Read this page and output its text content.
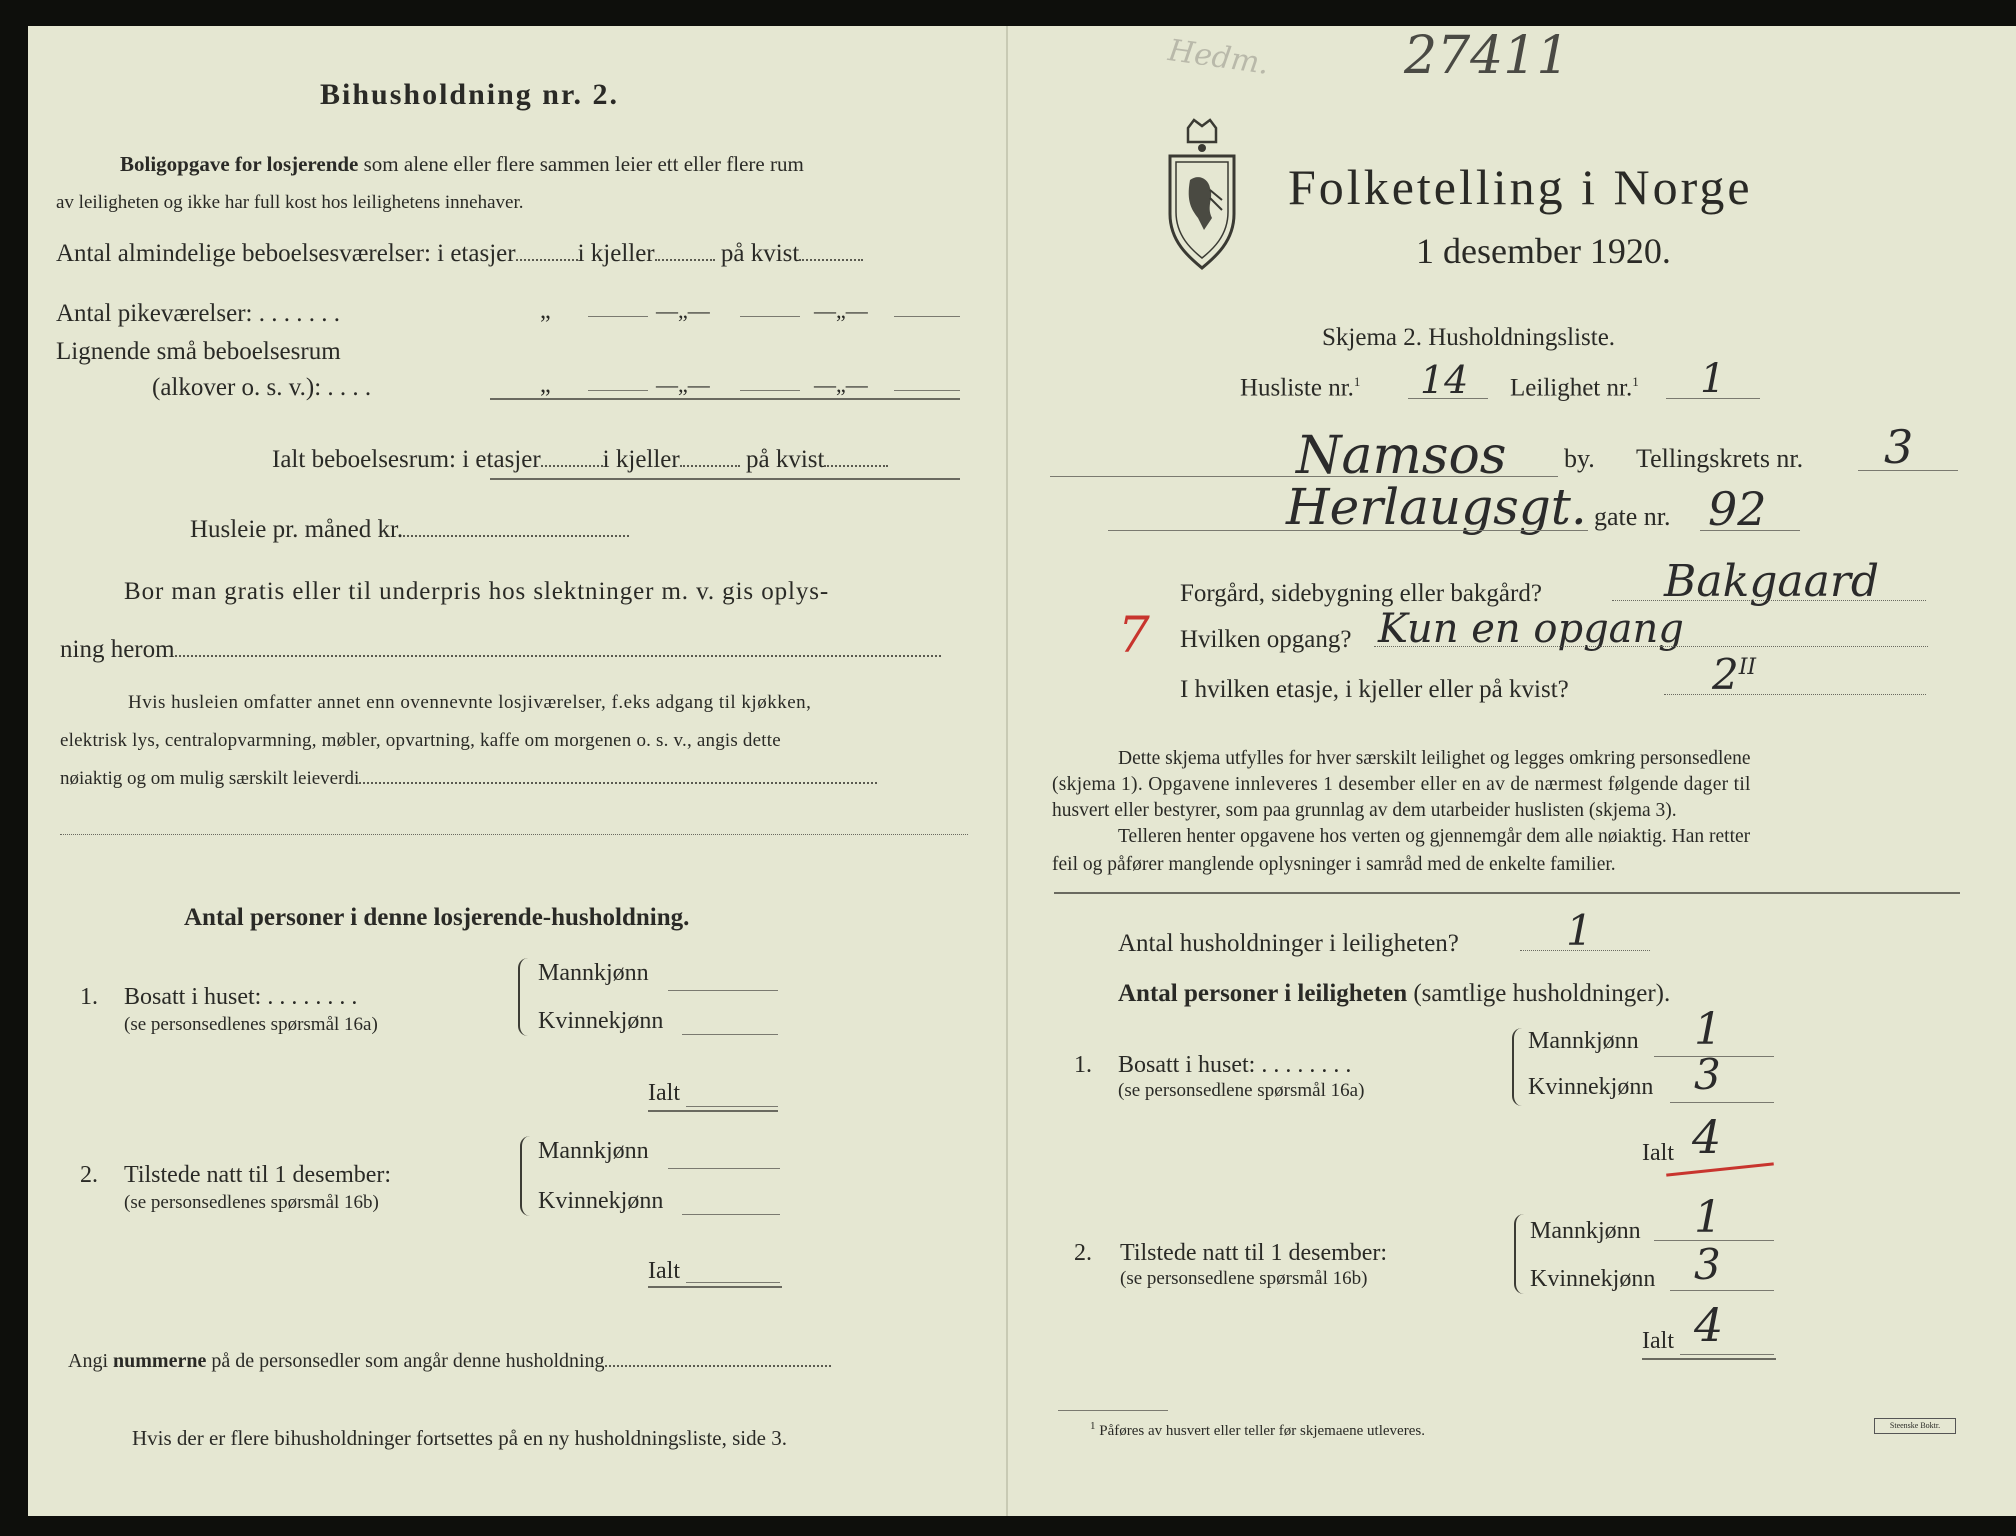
Bihusholdning nr. 2.
Boligopgave for losjerende som alene eller flere sammen leier ett eller flere rum
av leiligheten og ikke har full kost hos leilighetens innehaver.
Antal almindelige beboelsesværelser: i etasjer i kjeller	på kvist
Antal pikeværelser: . . . . . . .	„	—„—	—„—
Lignende små beboelsesrum
(alkover o. s. v.): . . . .	„	—„—	—„—
Ialt beboelsesrum: i etasjer i kjeller	på kvist
Husleie pr. måned kr.
Bor man gratis eller til underpris hos slektninger m. v. gis oplys-
ning herom
Hvis husleien omfatter annet enn ovennevnte losjiværelser, f.eks adgang til kjøkken,
elektrisk lys, centralopvarmning, møbler, opvartning, kaffe om morgenen o. s. v., angis dette
nøiaktig og om mulig særskilt leieverdi
Antal personer i denne losjerende-husholdning.
1. Bosatt i huset: . . . . . . . .
(se personsedlenes spørsmål 16a)
Mannkjønn
Kvinnekjønn
Ialt
2. Tilstede natt til 1 desember:
(se personsedlenes spørsmål 16b)
Mannkjønn
Kvinnekjønn
Ialt
Angi nummerne på de personsedler som angår denne husholdning
Hvis der er flere bihusholdninger fortsettes på en ny husholdningsliste, side 3.
Hedm.	27411
Folketelling i Norge
1 desember 1920.
Skjema 2. Husholdningsliste.
Husliste nr.$^1$ 14 Leilighet nr.$^1$ 1
Namsos by. Tellingskrets nr. 3
Herlaugsgt. gate nr. 92
Forgård, sidebygning eller bakgård?	Bakgaard
7 Hvilken opgang? Kun en opgang
I hvilken etasje, i kjeller eller på kvist?	$2^{II}$
Dette skjema utfylles for hver særskilt leilighet og legges omkring personsedlene
(skjema 1). Opgavene innleveres 1 desember eller en av de nærmest følgende dager til
husvert eller bestyrer, som paa grunnlag av dem utarbeider huslisten (skjema 3).
Telleren henter opgavene hos verten og gjennemgår dem alle nøiaktig. Han retter
feil og påfører manglende oplysninger i samråd med de enkelte familier.
Antal husholdninger i leiligheten?	1
Antal personer i leiligheten (samtlige husholdninger).
1. Bosatt i huset: . . . . . . . .
(se personsedlene spørsmål 16a)
Mannkjønn 1
Kvinnekjønn 3
Ialt 4
2. Tilstede natt til 1 desember:
(se personsedlene spørsmål 16b)
Mannkjønn 1
Kvinnekjønn 3
Ialt 4
$^1$ Påføres av husvert eller teller før skjemaene utleveres.	Steenske Boktr.
